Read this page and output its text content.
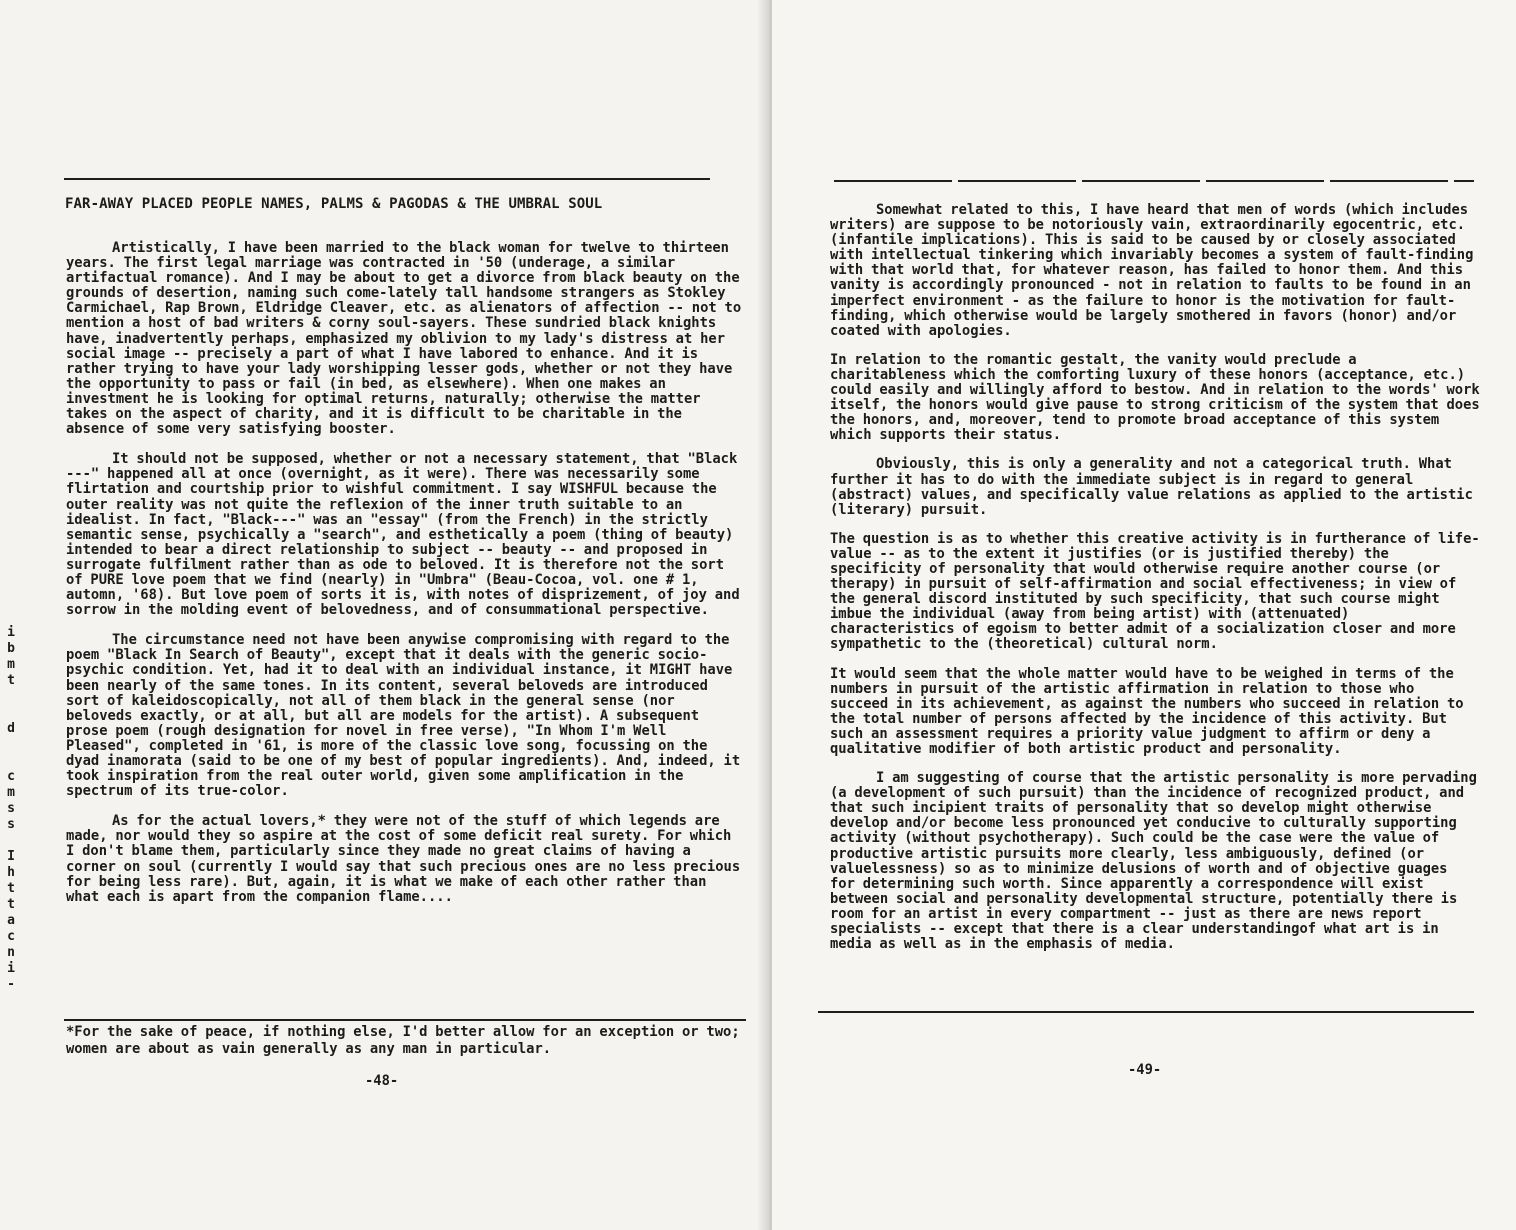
FAR-AWAY PLACED PEOPLE NAMES, PALMS & PAGODAS & THE UMBRAL SOUL

Artistically, I have been married to the black woman for twelve to thirteen years. The first legal marriage was contracted in '50 (underage, a similar artifactual romance). And I may be about to get a divorce from black beauty on the grounds of desertion, naming such come-lately tall handsome strangers as Stokley Carmichael, Rap Brown, Eldridge Cleaver, etc. as alienators of affection -- not to mention a host of bad writers & corny soul-sayers. These sundried black knights have, inadvertently perhaps, emphasized my oblivion to my lady's distress at her social image -- precisely a part of what I have labored to enhance. And it is rather trying to have your lady worshipping lesser gods, whether or not they have the opportunity to pass or fail (in bed, as elsewhere). When one makes an investment he is looking for optimal returns, naturally; otherwise the matter takes on the aspect of charity, and it is difficult to be charitable in the absence of some very satisfying booster.

It should not be supposed, whether or not a necessary statement, that "Black ---" happened all at once (overnight, as it were). There was necessarily some flirtation and courtship prior to wishful commitment. I say WISHFUL because the outer reality was not quite the reflexion of the inner truth suitable to an idealist. In fact, "Black---" was an "essay" (from the French) in the strictly semantic sense, psychically a "search", and esthetically a poem (thing of beauty) intended to bear a direct relationship to subject -- beauty -- and proposed in surrogate fulfilment rather than as ode to beloved. It is therefore not the sort of PURE love poem that we find (nearly) in "Umbra" (Beau-Cocoa, vol. one # 1, automn, '68). But love poem of sorts it is, with notes of disprizement, of joy and sorrow in the molding event of belovedness, and of consummational perspective.

The circumstance need not have been anywise compromising with regard to the poem "Black In Search of Beauty", except that it deals with the generic socio-psychic condition. Yet, had it to deal with an individual instance, it MIGHT have been nearly of the same tones. In its content, several beloveds are introduced sort of kaleidoscopically, not all of them black in the general sense (nor beloveds exactly, or at all, but all are models for the artist). A subsequent prose poem (rough designation for novel in free verse), "In Whom I'm Well Pleased", completed in '61, is more of the classic love song, focussing on the dyad inamorata (said to be one of my best of popular ingredients). And, indeed, it took inspiration from the real outer world, given some amplification in the spectrum of its true-color.

As for the actual lovers,* they were not of the stuff of which legends are made, nor would they so aspire at the cost of some deficit real surety. For which I don't blame them, particularly since they made no great claims of having a corner on soul (currently I would say that such precious ones are no less precious for being less rare). But, again, it is what we make of each other rather than what each is apart from the companion flame....

*For the sake of peace, if nothing else, I'd better allow for an exception or two; women are about as vain generally as any man in particular.

-48-
i
b
m
t
d
c
m
s
s
I
h
t
t
a
c
n
i
-

Somewhat related to this, I have heard that men of words (which includes writers) are suppose to be notoriously vain, extraordinarily egocentric, etc. (infantile implications). This is said to be caused by or closely associated with intellectual tinkering which invariably becomes a system of fault-finding with that world that, for whatever reason, has failed to honor them. And this vanity is accordingly pronounced - not in relation to faults to be found in an imperfect environment - as the failure to honor is the motivation for fault-finding, which otherwise would be largely smothered in favors (honor) and/or coated with apologies.

In relation to the romantic gestalt, the vanity would preclude a charitableness which the comforting luxury of these honors (acceptance, etc.) could easily and willingly afford to bestow. And in relation to the words' work itself, the honors would give pause to strong criticism of the system that does the honors, and, moreover, tend to promote broad acceptance of this system which supports their status.

Obviously, this is only a generality and not a categorical truth. What further it has to do with the immediate subject is in regard to general (abstract) values, and specifically value relations as applied to the artistic (literary) pursuit.

The question is as to whether this creative activity is in furtherance of life-value -- as to the extent it justifies (or is justified thereby) the specificity of personality that would otherwise require another course (or therapy) in pursuit of self-affirmation and social effectiveness; in view of the general discord instituted by such specificity, that such course might imbue the individual (away from being artist) with (attenuated) characteristics of egoism to better admit of a socialization closer and more sympathetic to the (theoretical) cultural norm.

It would seem that the whole matter would have to be weighed in terms of the numbers in pursuit of the artistic affirmation in relation to those who succeed in its achievement, as against the numbers who succeed in relation to the total number of persons affected by the incidence of this activity. But such an assessment requires a priority value judgment to affirm or deny a qualitative modifier of both artistic product and personality.

I am suggesting of course that the artistic personality is more pervading (a development of such pursuit) than the incidence of recognized product, and that such incipient traits of personality that so develop might otherwise develop and/or become less pronounced yet conducive to culturally supporting activity (without psychotherapy). Such could be the case were the value of productive artistic pursuits more clearly, less ambiguously, defined (or valuelessness) so as to minimize delusions of worth and of objective guages for determining such worth. Since apparently a correspondence will exist between social and personality developmental structure, potentially there is room for an artist in every compartment -- just as there are news report specialists -- except that there is a clear understandingof what art is in media as well as in the emphasis of media.

-49-
